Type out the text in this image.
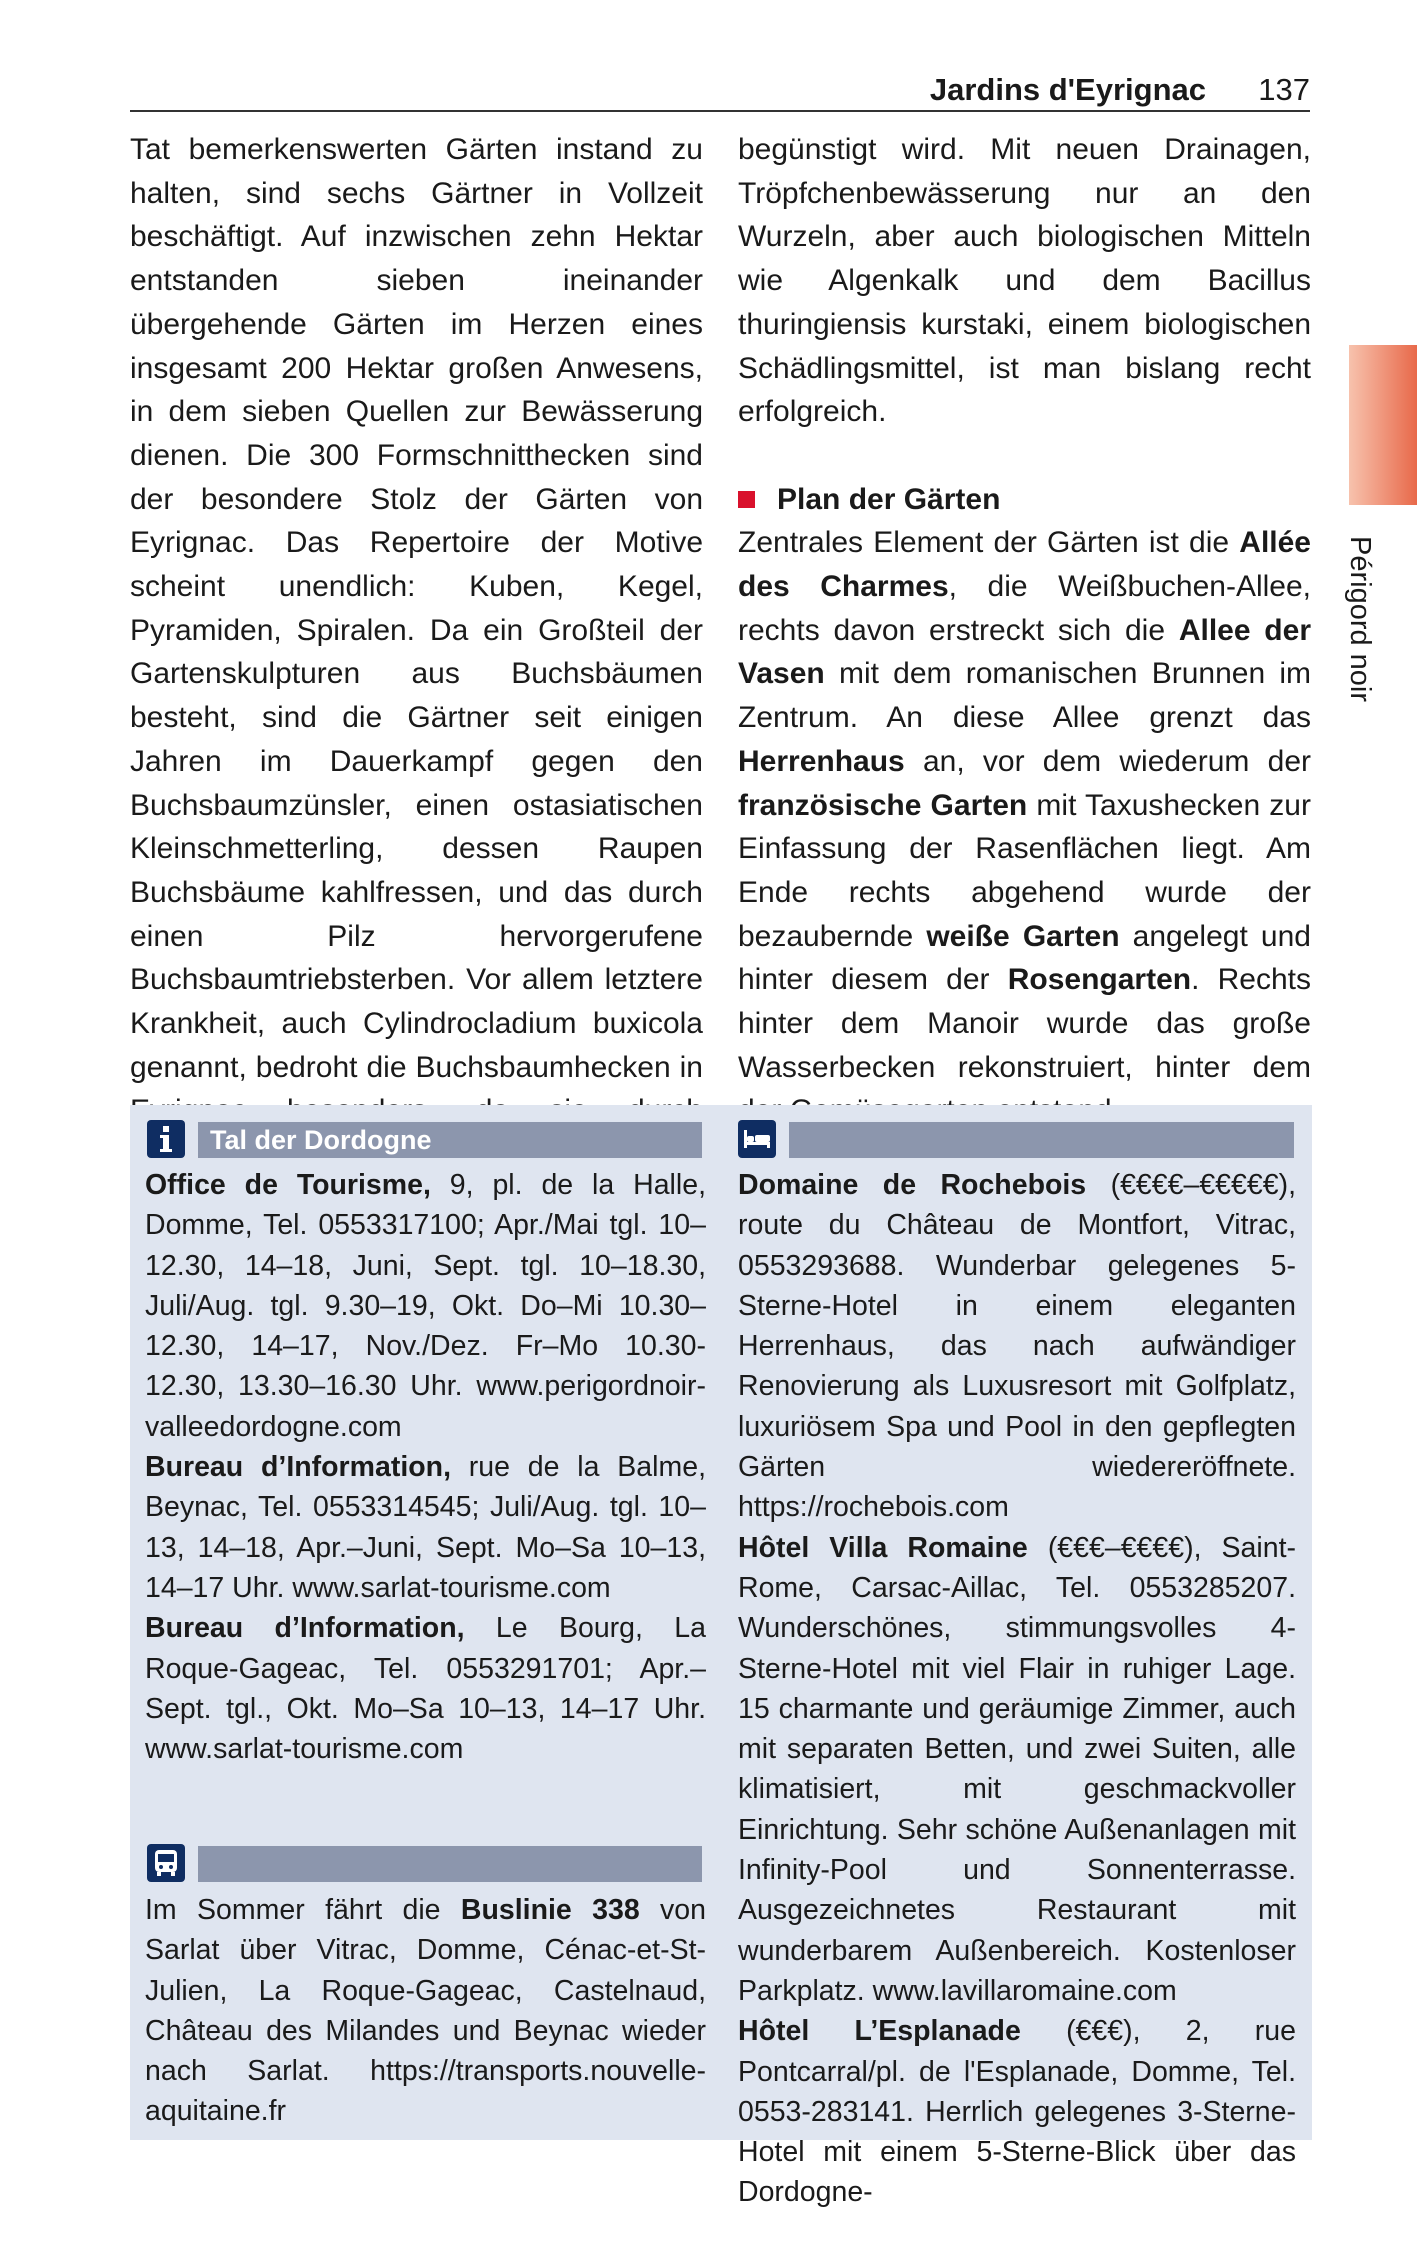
Jardins d'Eyrignac 137
Périgord noir

Tat bemerkenswerten Gärten instand zu halten, sind sechs Gärtner in Vollzeit beschäftigt. Auf inzwischen zehn Hektar entstanden sieben ineinander übergehende Gärten im Herzen eines insgesamt 200 Hektar großen Anwesens, in dem sieben Quellen zur Bewässerung dienen. Die 300 Formschnitthecken sind der besondere Stolz der Gärten von Eyrignac. Das Repertoire der Motive scheint unendlich: Kuben, Kegel, Pyramiden, Spiralen. Da ein Großteil der Gartenskulpturen aus Buchsbäumen besteht, sind die Gärtner seit einigen Jahren im Dauerkampf gegen den Buchsbaumzünsler, einen ostasiatischen Kleinschmetterling, dessen Raupen Buchsbäume kahlfressen, und das durch einen Pilz hervorgerufene Buchsbaumtriebsterben. Vor allem letztere Krankheit, auch Cylindrocladium buxicola genannt, bedroht die Buchsbaumhecken in

begünstigt wird. Mit neuen Drainagen, Tröpfchenbewässerung nur an den Wurzeln, aber auch biologischen Mitteln wie Algenkalk und dem Bacillus thuringiensis kurstaki, einem biologischen Schädlingsmittel, ist man bislang recht erfolgreich.

Plan der Gärten

Zentrales Element der Gärten ist die Allée des Charmes, die Weißbuchen-Allee, rechts davon erstreckt sich die Allee der Vasen mit dem romanischen Brunnen im Zentrum. An diese Allee grenzt das Herrenhaus an, vor dem wiederum der französische Garten mit Taxushecken zur Einfassung der Rasenflächen liegt. Am Ende rechts abgehend wurde der bezaubernde weiße Garten angelegt und hinter diesem der Rosengarten. Rechts hinter dem Manoir wurde das große Wasserbecken rekonstruiert, hinter dem

Tal der Dordogne

Office de Tourisme, 9, pl. de la Halle, Domme, Tel. 0553317100; Apr./Mai tgl. 10–12.30, 14–18, Juni, Sept. tgl. 10–18.30, Juli/Aug. tgl. 9.30–19, Okt. Do–Mi 10.30–12.30, 14–17, Nov./Dez. Fr–Mo 10.30-12.30, 13.30–16.30 Uhr. www.perigordnoir-valleedordogne.com

Bureau d’Information, rue de la Balme, Beynac, Tel. 0553314545; Juli/Aug. tgl. 10–13, 14–18, Apr.–Juni, Sept. Mo–Sa 10–13, 14–17 Uhr. www.sarlat-tourisme.com

Bureau d’Information, Le Bourg, La Roque-Gageac, Tel. 0553291701; Apr.–Sept. tgl., Okt. Mo–Sa 10–13, 14–17 Uhr. www.sarlat-tourisme.com

Im Sommer fährt die Buslinie 338 von Sarlat über Vitrac, Domme, Cénac-et-St-Julien, La Roque-Gageac, Castelnaud, Château des Milandes und Beynac wieder nach Sarlat. https://transports.nouvelle-aquitaine.fr

Domaine de Rochebois (€€€€–€€€€€), route du Château de Montfort, Vitrac, 0553293688. Wunderbar gelegenes 5-Sterne-Hotel in einem eleganten Herrenhaus, das nach aufwändiger Renovierung als Luxusresort mit Golfplatz, luxuriösem Spa und Pool in den gepflegten Gärten wiedereröffnete. https://rochebois.com

Hôtel Villa Romaine (€€€–€€€€), Saint-Rome, Carsac-Aillac, Tel. 0553285207. Wunderschönes, stimmungsvolles 4-Sterne-Hotel mit viel Flair in ruhiger Lage. 15 charmante und geräumige Zimmer, auch mit separaten Betten, und zwei Suiten, alle klimatisiert, mit geschmackvoller Einrichtung. Sehr schöne Außenanlagen mit Infinity-Pool und Sonnenterrasse. Ausgezeichnetes Restaurant mit wunderbarem Außenbereich. Kostenloser Parkplatz. www.lavillaromaine.com

Hôtel L’Esplanade (€€€), 2, rue Pontcarral/pl. de l'Esplanade, Domme, Tel. 0553-283141. Herrlich gelegenes 3-Sterne-Hotel mit einem 5-Sterne-Blick über das Dordogne-
